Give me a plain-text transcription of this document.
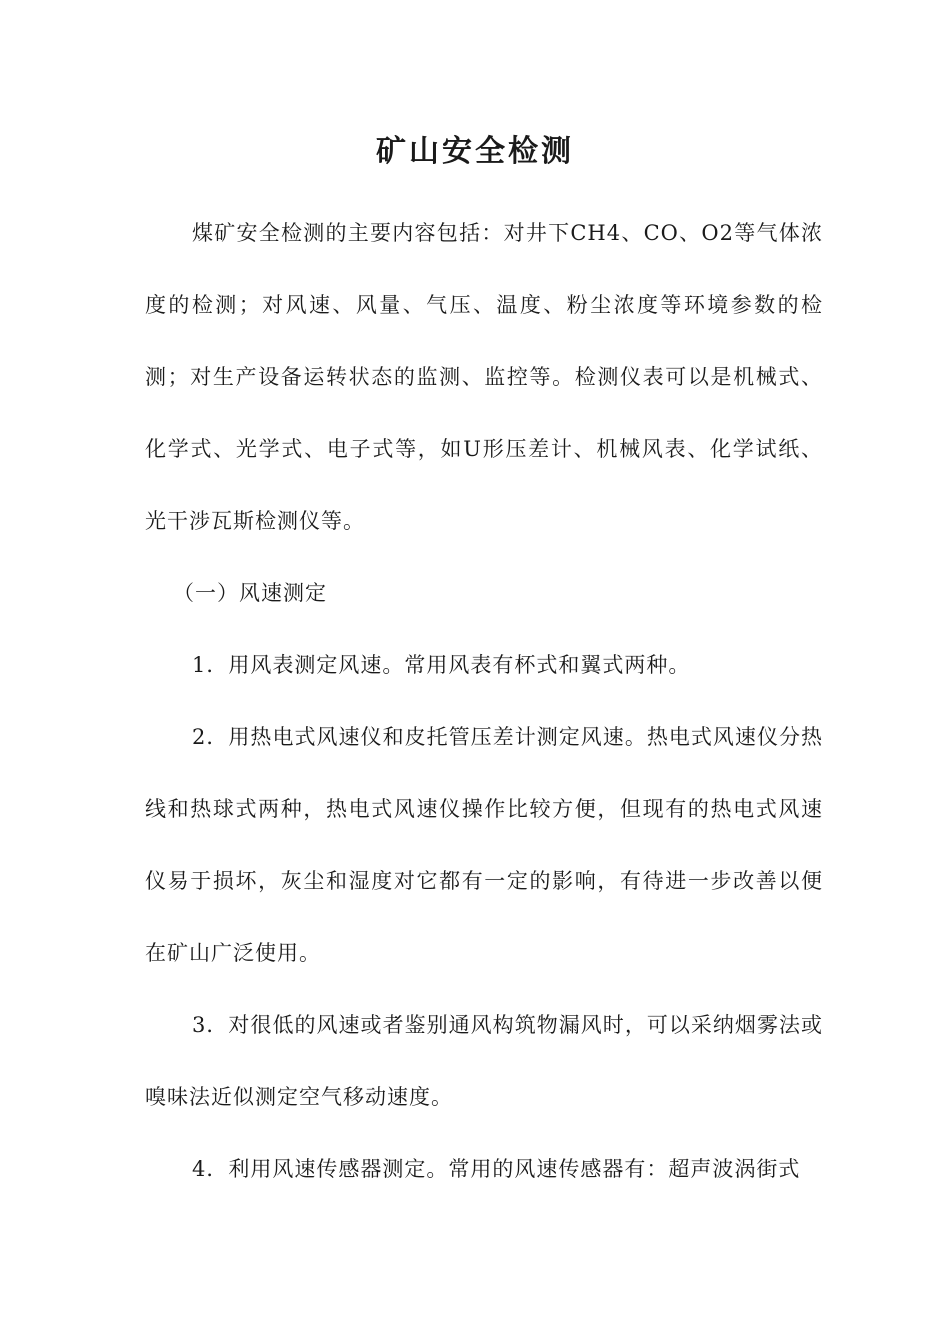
矿山安全检测

煤矿安全检测的主要内容包括：对井下CH4、CO、O2等气体浓度的检测；对风速、风量、气压、温度、粉尘浓度等环境参数的检测；对生产设备运转状态的监测、监控等。检测仪表可以是机械式、化学式、光学式、电子式等，如U形压差计、机械风表、化学试纸、光干涉瓦斯检测仪等。

（一）风速测定

1．用风表测定风速。常用风表有杯式和翼式两种。

2．用热电式风速仪和皮托管压差计测定风速。热电式风速仪分热线和热球式两种，热电式风速仪操作比较方便，但现有的热电式风速仪易于损坏，灰尘和湿度对它都有一定的影响，有待进一步改善以便在矿山广泛使用。

3．对很低的风速或者鉴别通风构筑物漏风时，可以采纳烟雾法或嗅味法近似测定空气移动速度。

4．利用风速传感器测定。常用的风速传感器有：超声波涡街式
